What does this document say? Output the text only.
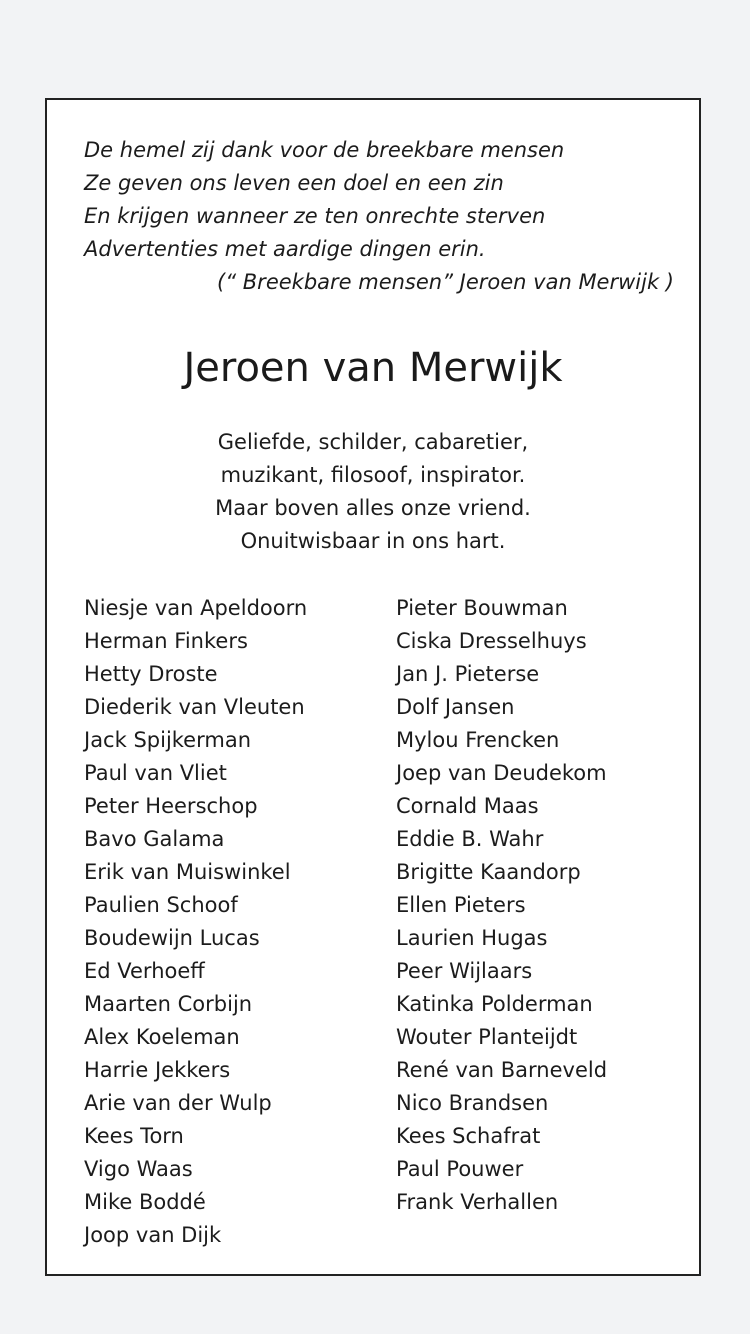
De hemel zij dank voor de breekbare mensen
Ze geven ons leven een doel en een zin
En krijgen wanneer ze ten onrechte sterven
Advertenties met aardige dingen erin.
(“ Breekbare mensen” Jeroen van Merwijk )
Jeroen van Merwijk
Geliefde, schilder, cabaretier,
muzikant, filosoof, inspirator.
Maar boven alles onze vriend.
Onuitwisbaar in ons hart.
Niesje van Apeldoorn
Herman Finkers
Hetty Droste
Diederik van Vleuten
Jack Spijkerman
Paul van Vliet
Peter Heerschop
Bavo Galama
Erik van Muiswinkel
Paulien Schoof
Boudewijn Lucas
Ed Verhoeff
Maarten Corbijn
Alex Koeleman
Harrie Jekkers
Arie van der Wulp
Kees Torn
Vigo Waas
Mike Boddé
Joop van Dijk
Pieter Bouwman
Ciska Dresselhuys
Jan J. Pieterse
Dolf Jansen
Mylou Frencken
Joep van Deudekom
Cornald Maas
Eddie B. Wahr
Brigitte Kaandorp
Ellen Pieters
Laurien Hugas
Peer Wijlaars
Katinka Polderman
Wouter Planteijdt
René van Barneveld
Nico Brandsen
Kees Schafrat
Paul Pouwer
Frank Verhallen
